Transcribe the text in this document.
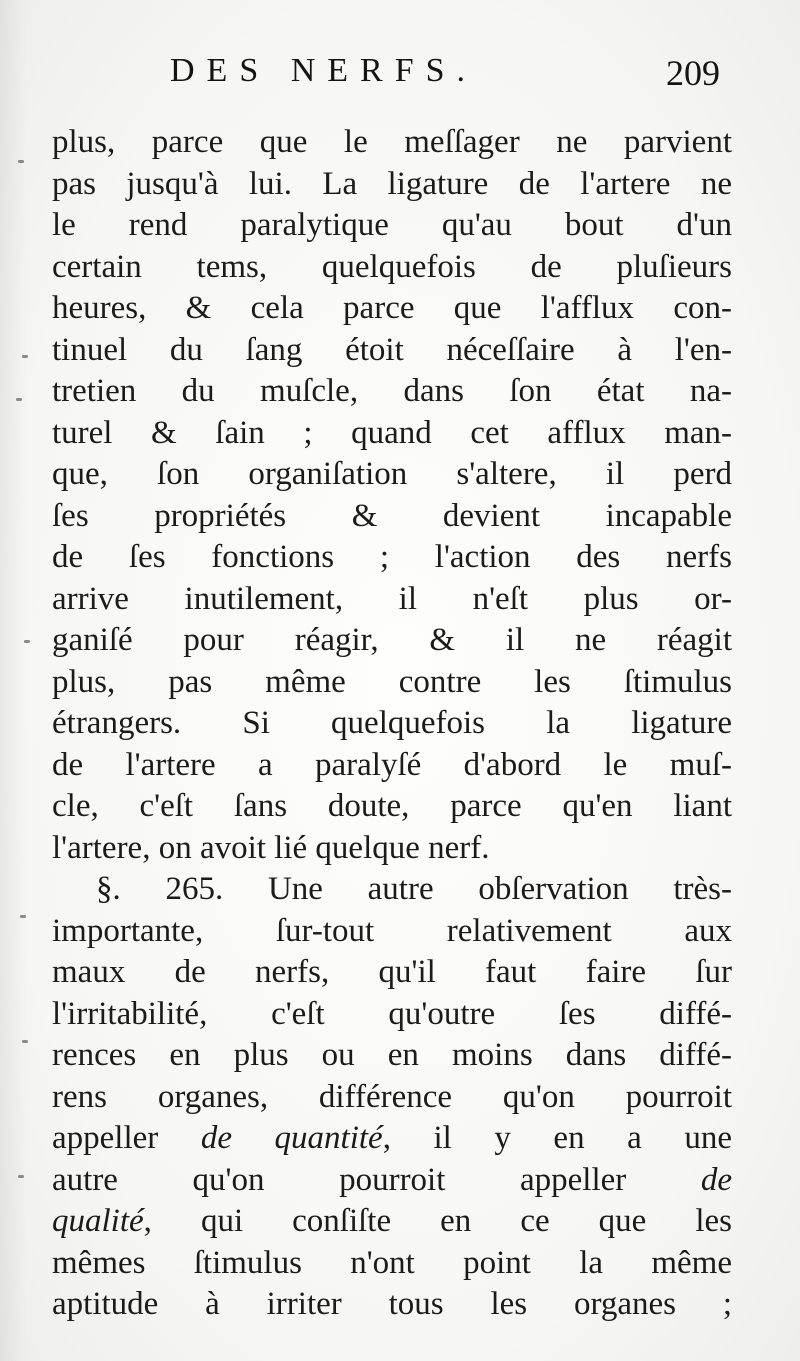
DES NERFS.	209
plus, parce que le meſſager ne parvient
pas jusqu'à lui. La ligature de l'artere ne
le rend paralytique qu'au bout d'un
certain tems, quelquefois de pluſieurs
heures, & cela parce que l'afflux con-
tinuel du ſang étoit néceſſaire à l'en-
tretien du muſcle, dans ſon état na-
turel & ſain ; quand cet afflux man-
que, ſon organiſation s'altere, il perd
ſes propriétés & devient incapable
de ſes fonctions ; l'action des nerfs
arrive inutilement, il n'eſt plus or-
ganiſé pour réagir, & il ne réagit
plus, pas même contre les ſtimulus
étrangers. Si quelquefois la ligature
de l'artere a paralyſé d'abord le muſ-
cle, c'eſt ſans doute, parce qu'en liant
l'artere, on avoit lié quelque nerf.
§. 265. Une autre obſervation très-
importante, ſur-tout relativement aux
maux de nerfs, qu'il faut faire ſur
l'irritabilité, c'eſt qu'outre ſes diffé-
rences en plus ou en moins dans diffé-
rens organes, différence qu'on pourroit
appeller de quantité, il y en a une
autre qu'on pourroit appeller de
qualité, qui conſiſte en ce que les
mêmes ſtimulus n'ont point la même
aptitude à irriter tous les organes ;
